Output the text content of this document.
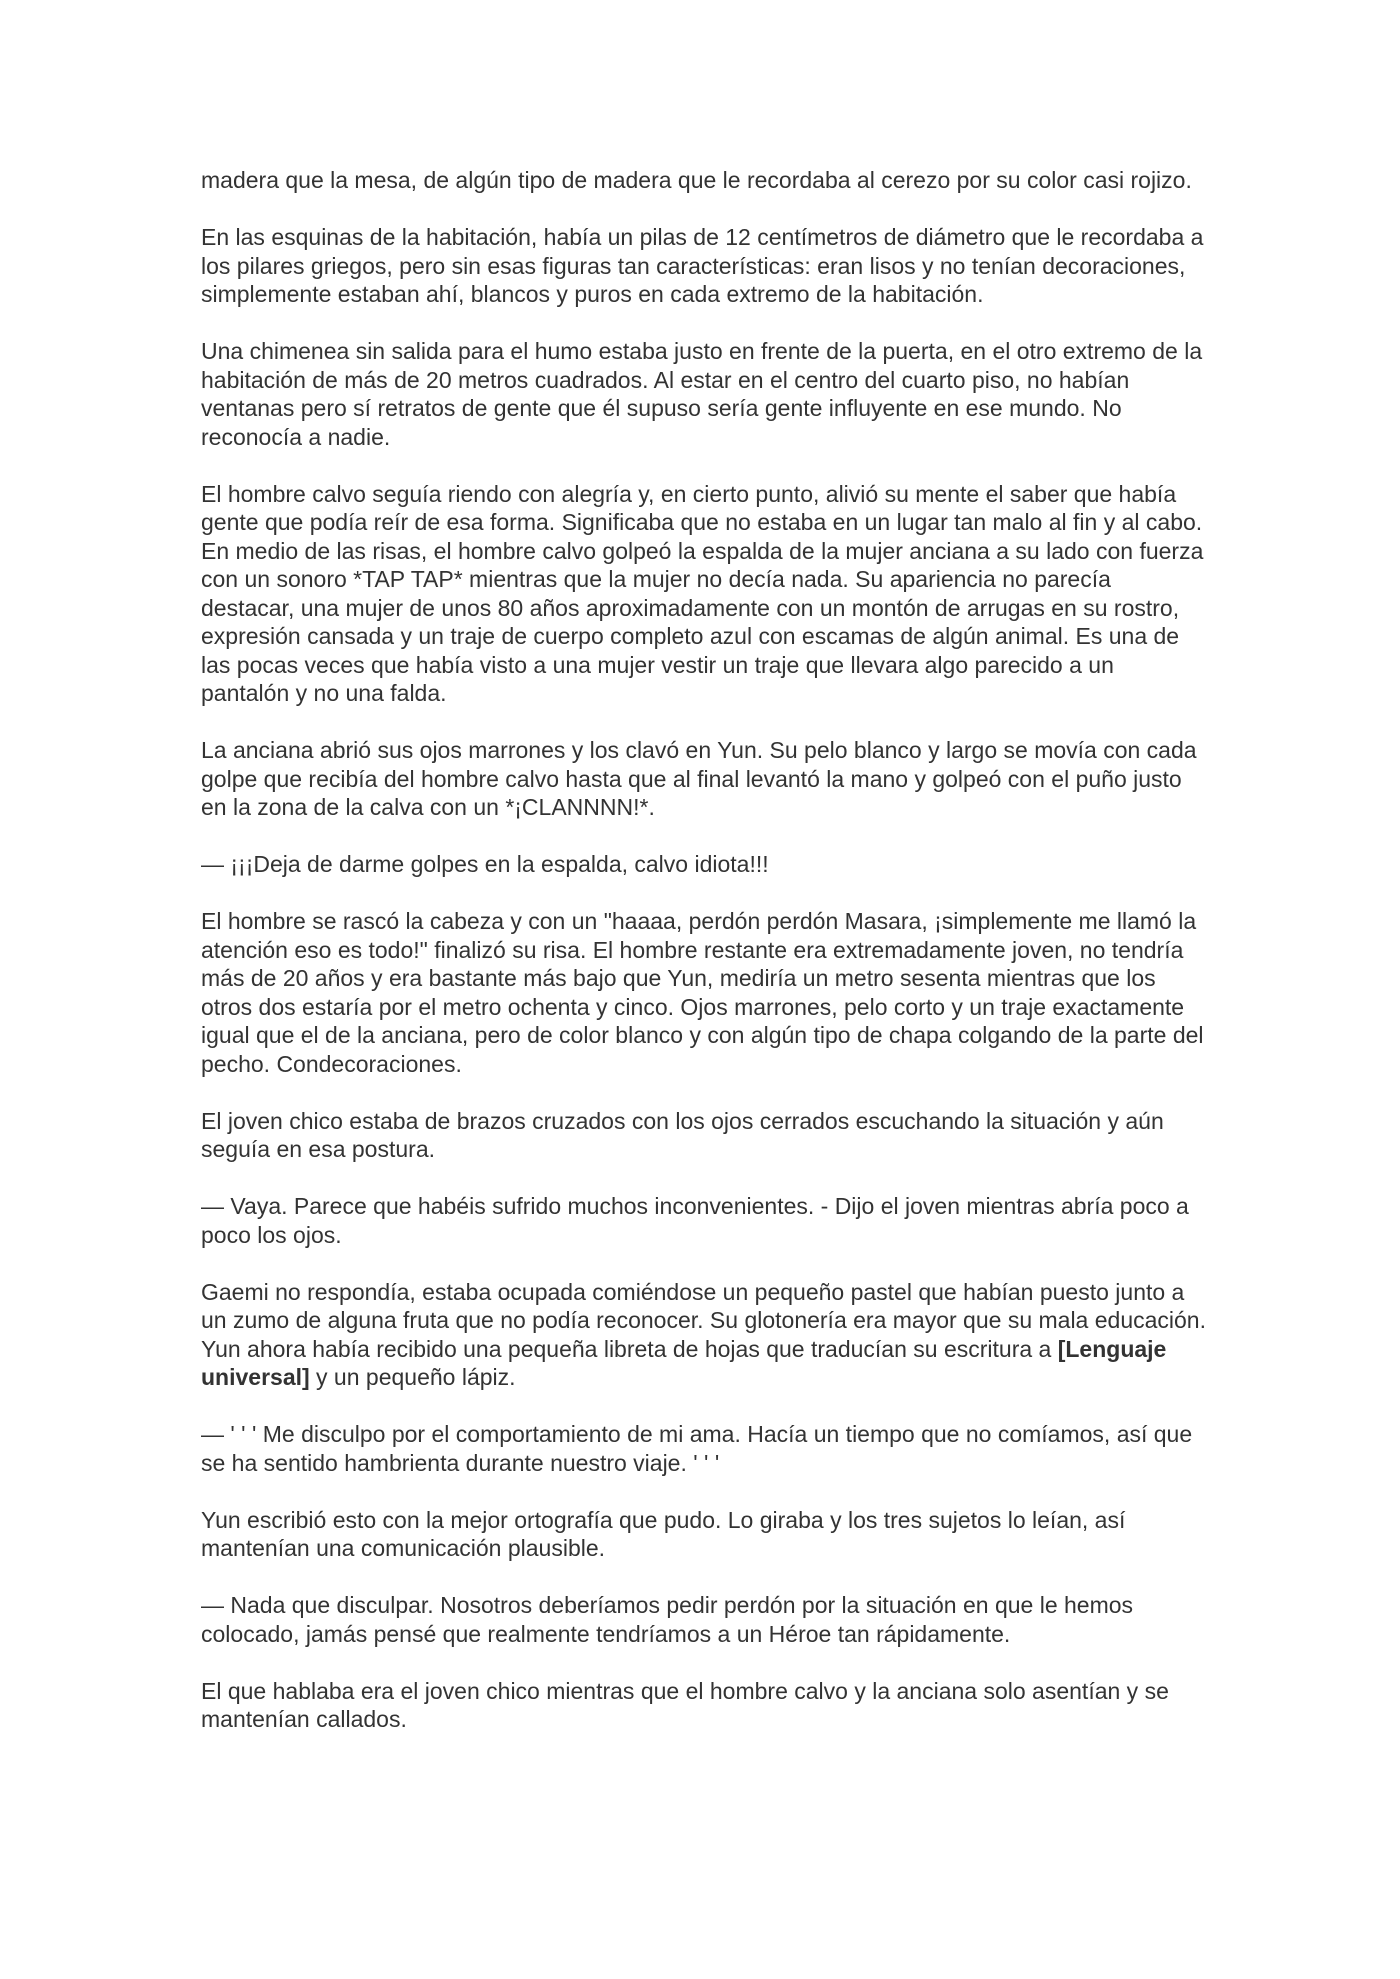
madera que la mesa, de algún tipo de madera que le recordaba al cerezo por su color casi rojizo.

En las esquinas de la habitación, había un pilas de 12 centímetros de diámetro que le recordaba a los pilares griegos, pero sin esas figuras tan características: eran lisos y no tenían decoraciones, simplemente estaban ahí, blancos y puros en cada extremo de la habitación.

Una chimenea sin salida para el humo estaba justo en frente de la puerta, en el otro extremo de la habitación de más de 20 metros cuadrados. Al estar en el centro del cuarto piso, no habían ventanas pero sí retratos de gente que él supuso sería gente influyente en ese mundo. No reconocía a nadie.

El hombre calvo seguía riendo con alegría y, en cierto punto, alivió su mente el saber que había gente que podía reír de esa forma. Significaba que no estaba en un lugar tan malo al fin y al cabo. En medio de las risas, el hombre calvo golpeó la espalda de la mujer anciana a su lado con fuerza con un sonoro *TAP TAP* mientras que la mujer no decía nada. Su apariencia no parecía destacar, una mujer de unos 80 años aproximadamente con un montón de arrugas en su rostro, expresión cansada y un traje de cuerpo completo azul con escamas de algún animal. Es una de las pocas veces que había visto a una mujer vestir un traje que llevara algo parecido a un pantalón y no una falda.

La anciana abrió sus ojos marrones y los clavó en Yun. Su pelo blanco y largo se movía con cada golpe que recibía del hombre calvo hasta que al final levantó la mano y golpeó con el puño justo en la zona de la calva con un *¡CLANNNN!*.

— ¡¡¡Deja de darme golpes en la espalda, calvo idiota!!!

El hombre se rascó la cabeza y con un "haaaa, perdón perdón Masara, ¡simplemente me llamó la atención eso es todo!" finalizó su risa. El hombre restante era extremadamente joven, no tendría más de 20 años y era bastante más bajo que Yun, mediría un metro sesenta mientras que los otros dos estaría por el metro ochenta y cinco. Ojos marrones, pelo corto y un traje exactamente igual que el de la anciana, pero de color blanco y con algún tipo de chapa colgando de la parte del pecho. Condecoraciones.

El joven chico estaba de brazos cruzados con los ojos cerrados escuchando la situación y aún seguía en esa postura.

— Vaya. Parece que habéis sufrido muchos inconvenientes. - Dijo el joven mientras abría poco a poco los ojos.

Gaemi no respondía, estaba ocupada comiéndose un pequeño pastel que habían puesto junto a un zumo de alguna fruta que no podía reconocer. Su glotonería era mayor que su mala educación. Yun ahora había recibido una pequeña libreta de hojas que traducían su escritura a [Lenguaje universal] y un pequeño lápiz.

— ' ' ' Me disculpo por el comportamiento de mi ama. Hacía un tiempo que no comíamos, así que se ha sentido hambrienta durante nuestro viaje. ' ' '

Yun escribió esto con la mejor ortografía que pudo. Lo giraba y los tres sujetos lo leían, así mantenían una comunicación plausible.

— Nada que disculpar. Nosotros deberíamos pedir perdón por la situación en que le hemos colocado, jamás pensé que realmente tendríamos a un Héroe tan rápidamente.

El que hablaba era el joven chico mientras que el hombre calvo y la anciana solo asentían y se mantenían callados.
